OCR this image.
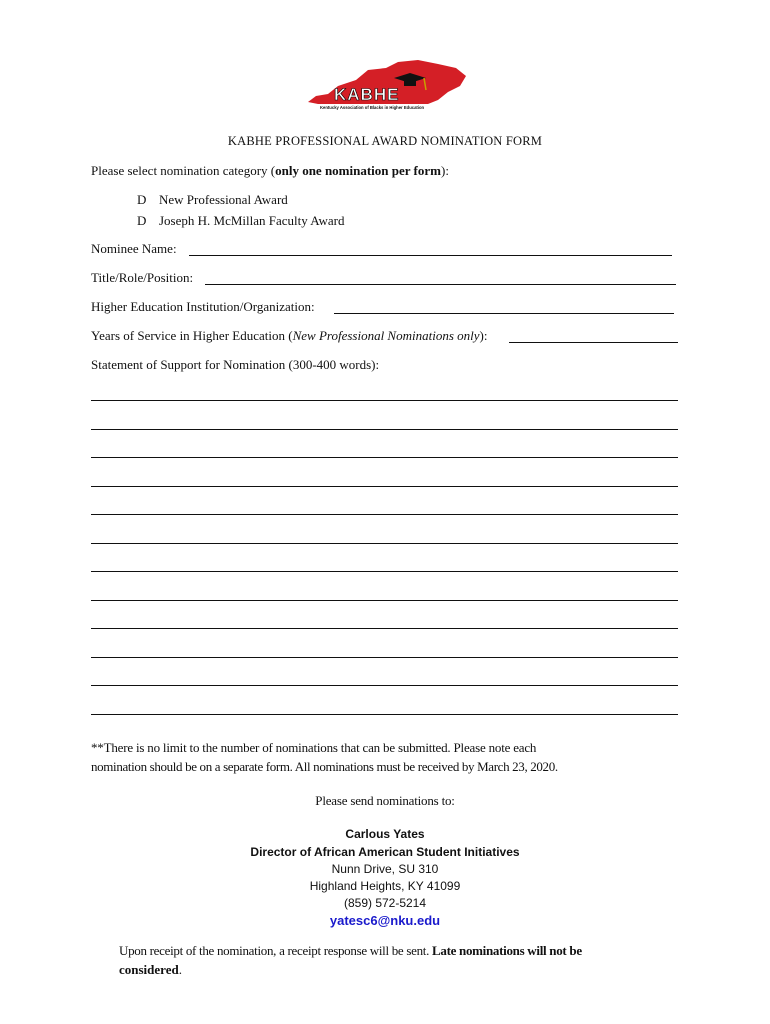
KABHE
Kentucky Association of Blacks in Higher Education
KABHE PROFESSIONAL AWARD NOMINATION FORM
Please select nomination category (only one nomination per form):
D New Professional Award
D Joseph H. McMillan Faculty Award
Nominee Name:
Title/Role/Position:
Higher Education Institution/Organization:
Years of Service in Higher Education (New Professional Nominations only):
Statement of Support for Nomination (300-400 words):
**There is no limit to the number of nominations that can be submitted. Please note each
nomination should be on a separate form. All nominations must be received by March 23, 2020.
Please send nominations to:
Carlous Yates
Director of African American Student Initiatives
Nunn Drive, SU 310
Highland Heights, KY 41099
(859) 572-5214
yatesc6@nku.edu
Upon receipt of the nomination, a receipt response will be sent. Late nominations will not be
considered.
